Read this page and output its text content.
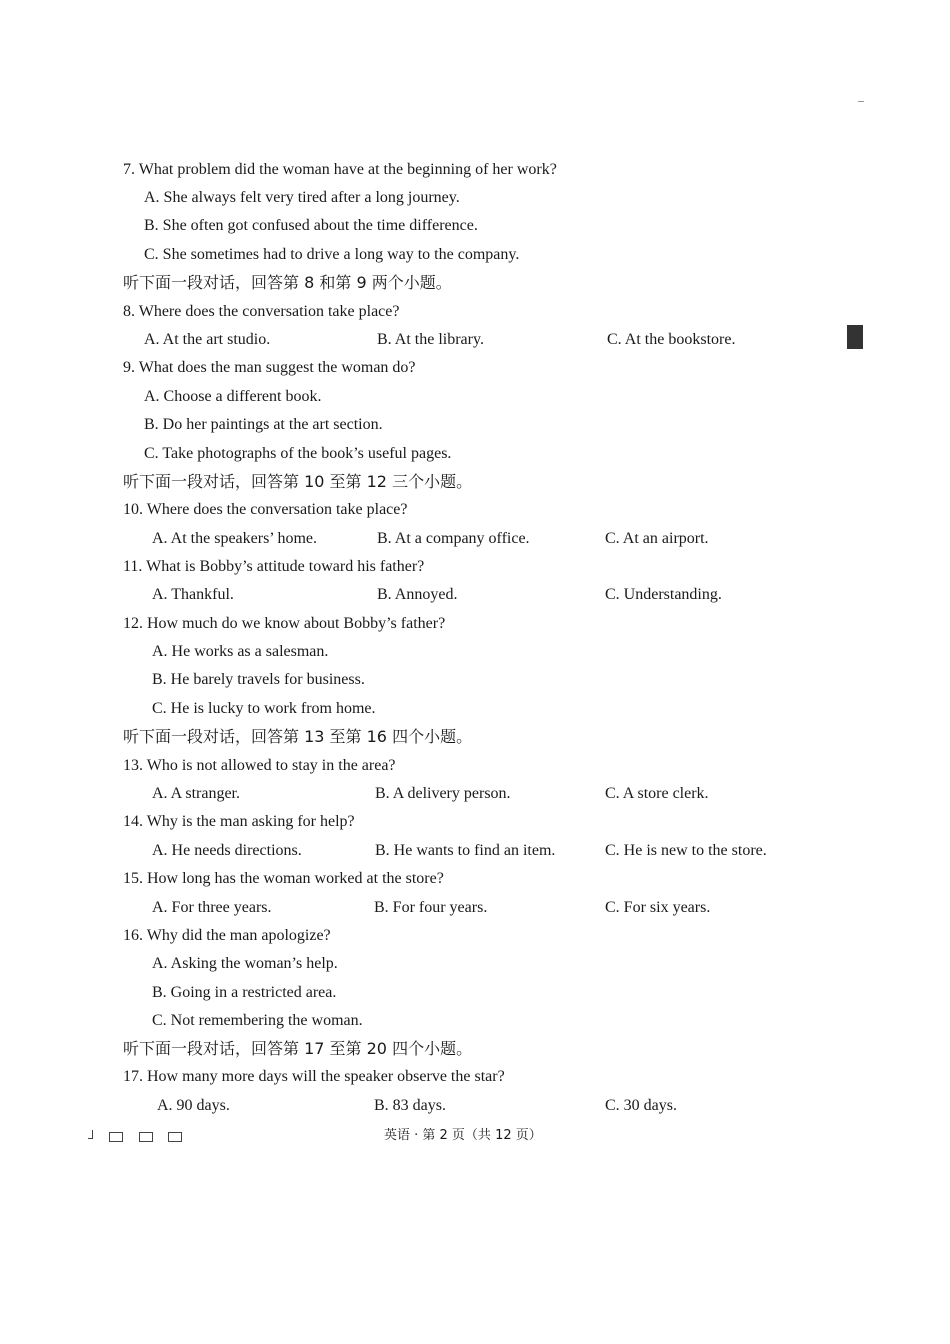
7. What problem did the woman have at the beginning of her work?
A. She always felt very tired after a long journey.
B. She often got confused about the time difference.
C. She sometimes had to drive a long way to the company.
听下面一段对话，回答第 8 和第 9 两个小题。
8. Where does the conversation take place?
A. At the art studio.	B. At the library.	C. At the bookstore.
9. What does the man suggest the woman do?
A. Choose a different book.
B. Do her paintings at the art section.
C. Take photographs of the book’s useful pages.
听下面一段对话，回答第 10 至第 12 三个小题。
10. Where does the conversation take place?
A. At the speakers’ home.	B. At a company office.	C. At an airport.
11. What is Bobby’s attitude toward his father?
A. Thankful.	B. Annoyed.	C. Understanding.
12. How much do we know about Bobby’s father?
A. He works as a salesman.
B. He barely travels for business.
C. He is lucky to work from home.
听下面一段对话，回答第 13 至第 16 四个小题。
13. Who is not allowed to stay in the area?
A. A stranger.	B. A delivery person.	C. A store clerk.
14. Why is the man asking for help?
A. He needs directions.	B. He wants to find an item.	C. He is new to the store.
15. How long has the woman worked at the store?
A. For three years.	B. For four years.	C. For six years.
16. Why did the man apologize?
A. Asking the woman’s help.
B. Going in a restricted area.
C. Not remembering the woman.
听下面一段对话，回答第 17 至第 20 四个小题。
17. How many more days will the speaker observe the star?
A. 90 days.	B. 83 days.	C. 30 days.
英语 · 第 2 页（共 12 页）
